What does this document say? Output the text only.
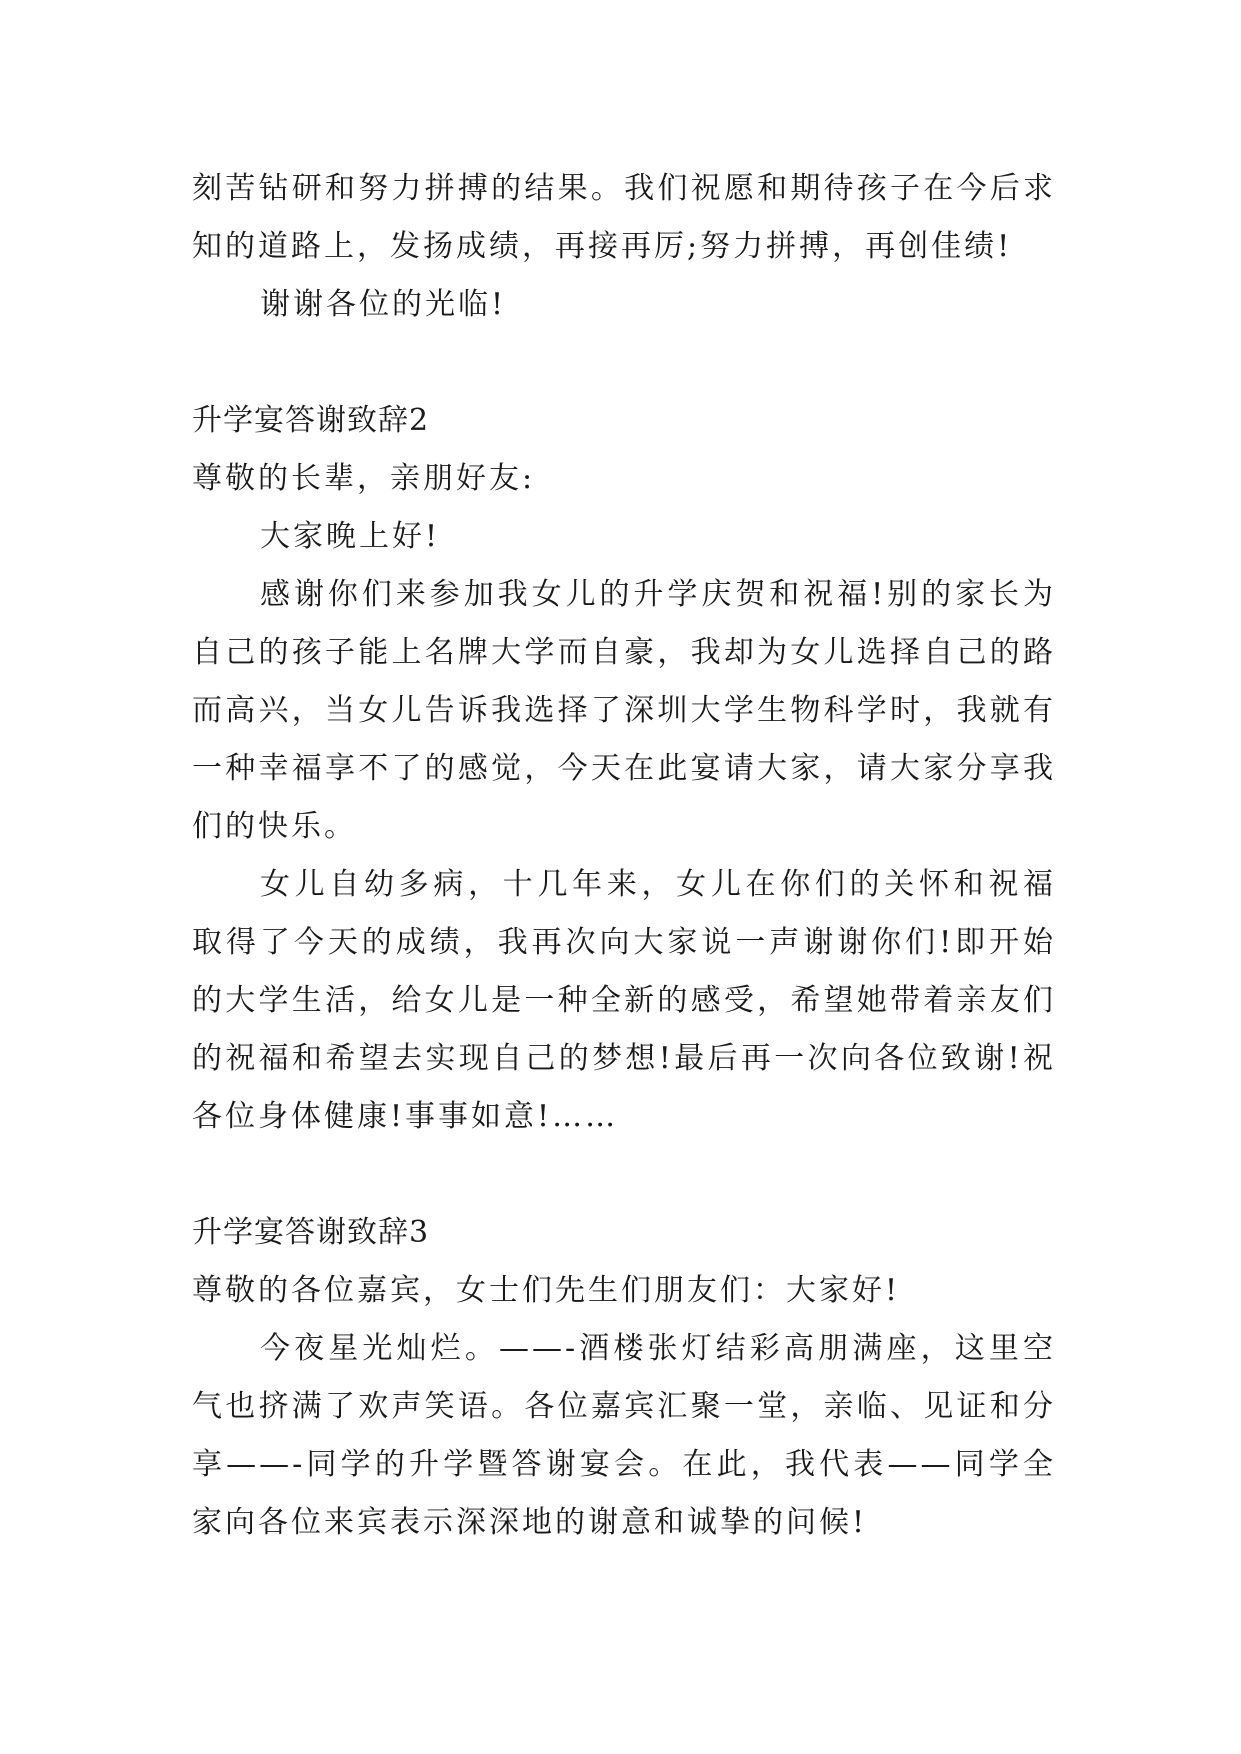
刻苦钻研和努力拼搏的结果。我们祝愿和期待孩子在今后求
知的道路上，发扬成绩，再接再厉;努力拼搏，再创佳绩!
谢谢各位的光临!
升学宴答谢致辞2
尊敬的长辈，亲朋好友:
大家晚上好!
感谢你们来参加我女儿的升学庆贺和祝福!别的家长为
自己的孩子能上名牌大学而自豪，我却为女儿选择自己的路
而高兴，当女儿告诉我选择了深圳大学生物科学时，我就有
一种幸福享不了的感觉，今天在此宴请大家，请大家分享我
们的快乐。
女儿自幼多病，十几年来，女儿在你们的关怀和祝福
取得了今天的成绩，我再次向大家说一声谢谢你们!即开始
的大学生活，给女儿是一种全新的感受，希望她带着亲友们
的祝福和希望去实现自己的梦想!最后再一次向各位致谢!祝
各位身体健康!事事如意!……
升学宴答谢致辞3
尊敬的各位嘉宾，女士们先生们朋友们：大家好!
今夜星光灿烂。——-酒楼张灯结彩高朋满座，这里空
气也挤满了欢声笑语。各位嘉宾汇聚一堂，亲临、见证和分
享——-同学的升学暨答谢宴会。在此，我代表——同学全
家向各位来宾表示深深地的谢意和诚挚的问候!
